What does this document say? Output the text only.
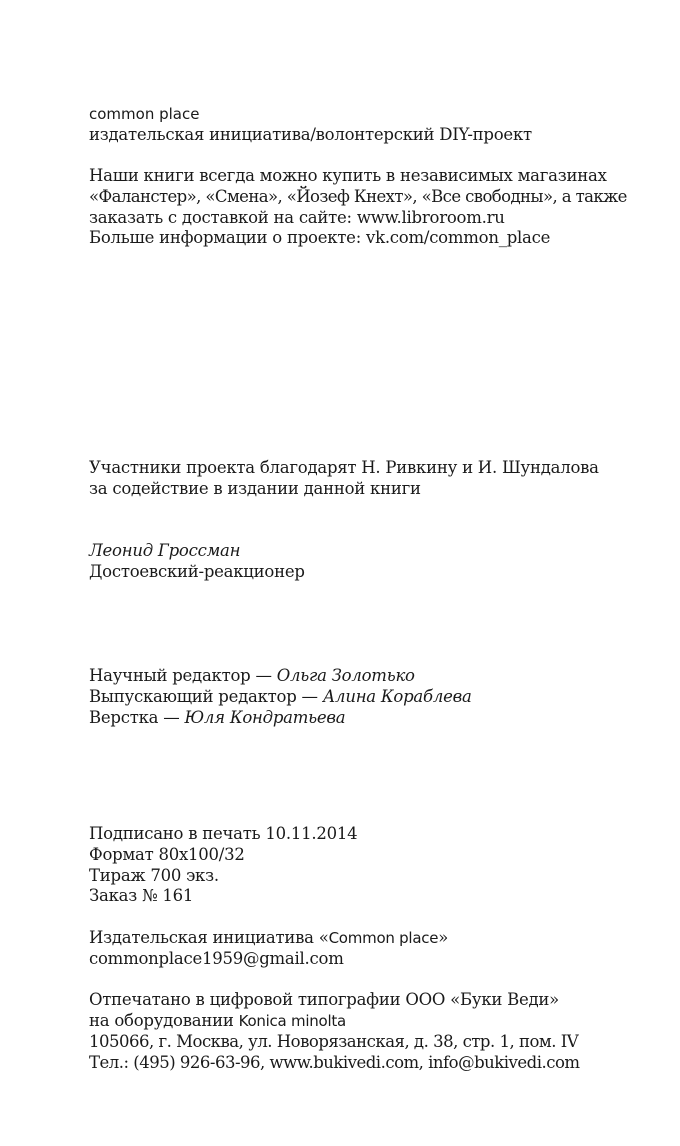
common place
издательская инициатива/волонтерский DIY-проект
Наши книги всегда можно купить в независимых магазинах
«Фаланстер», «Смена», «Йозеф Кнехт», «Все свободны», а также
заказать с доставкой на сайте: www.libroroom.ru
Больше информации о проекте: vk.com/common_place
Участники проекта благодарят Н. Ривкину и И. Шундалова
за содействие в издании данной книги
Леонид Гроссман
Достоевский-реакционер
Научный редактор — Ольга Золотько
Выпускающий редактор — Алина Кораблева
Верстка — Юля Кондратьева
Подписано в печать 10.11.2014
Формат 80х100/32
Тираж 700 экз.
Заказ № 161
Издательская инициатива «Common place»
commonplace1959@gmail.com
Отпечатано в цифровой типографии ООО «Буки Веди»
на оборудовании Konica minolta
105066, г. Москва, ул. Новорязанская, д. 38, стр. 1, пом. IV
Тел.: (495) 926-63-96, www.bukivedi.com, info@bukivedi.com
